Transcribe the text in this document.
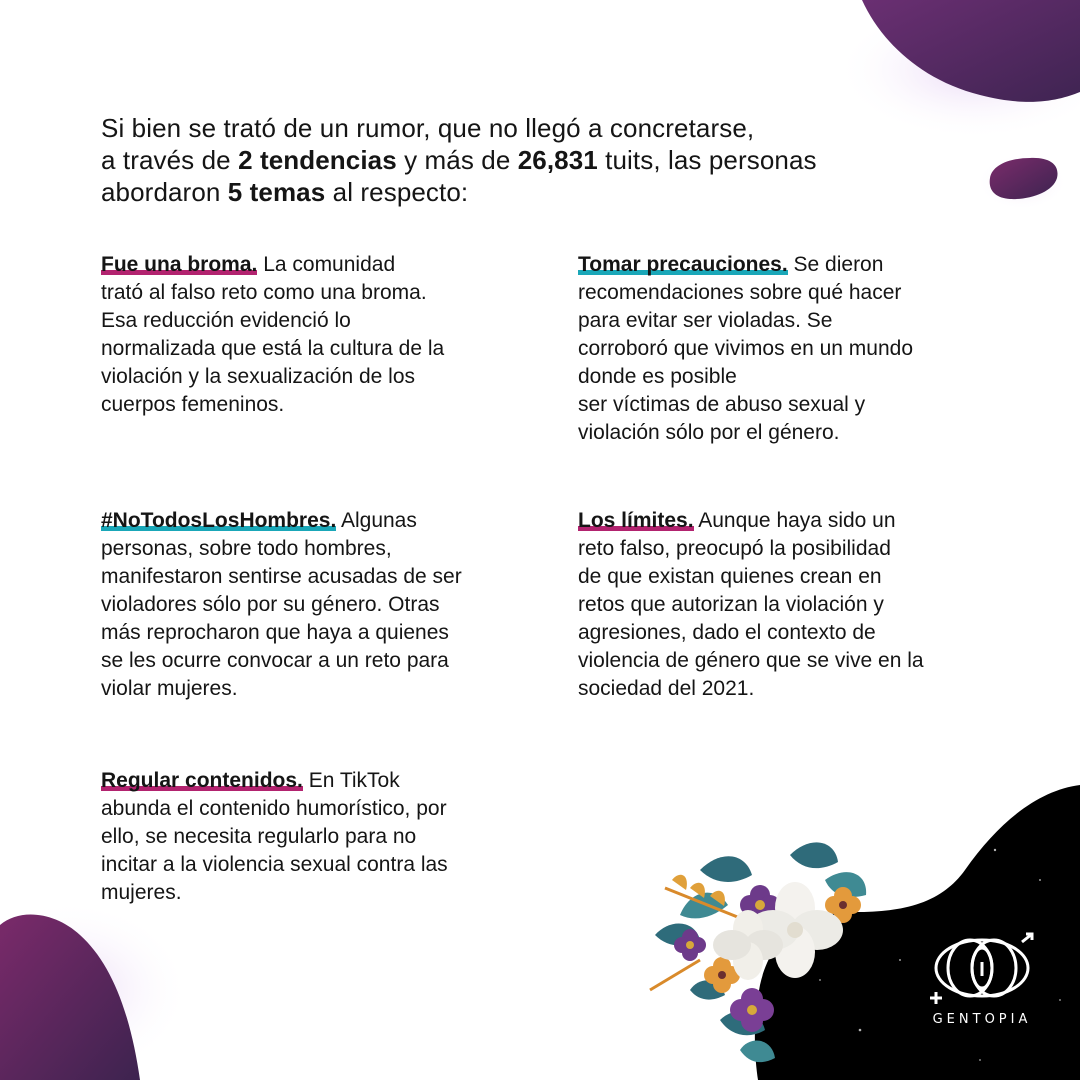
Si bien se trató de un rumor, que no llegó a concretarse,
a través de 2 tendencias y más de 26,831 tuits, las personas
abordaron 5 temas al respecto:
Fue una broma. La comunidad
trató al falso reto como una broma.
Esa reducción evidenció lo
normalizada que está la cultura de la
violación y la sexualización de los
cuerpos femeninos.
Tomar precauciones. Se dieron
recomendaciones sobre qué hacer
para evitar ser violadas. Se
corroboró que vivimos en un mundo
donde es posible
ser víctimas de abuso sexual y
violación sólo por el género.
#NoTodosLosHombres. Algunas
personas, sobre todo hombres,
manifestaron sentirse acusadas de ser
violadores sólo por su género. Otras
más reprocharon que haya a quienes
se les ocurre convocar a un reto para
violar mujeres.
Los límites. Aunque haya sido un
reto falso, preocupó la posibilidad
de que existan quienes crean en
retos que autorizan la violación y
agresiones, dado el contexto de
violencia de género que se vive en la
sociedad del 2021.
Regular contenidos. En TikTok
abunda el contenido humorístico, por
ello, se necesita regularlo para no
incitar a la violencia sexual contra las
mujeres.
GENTOPIA
